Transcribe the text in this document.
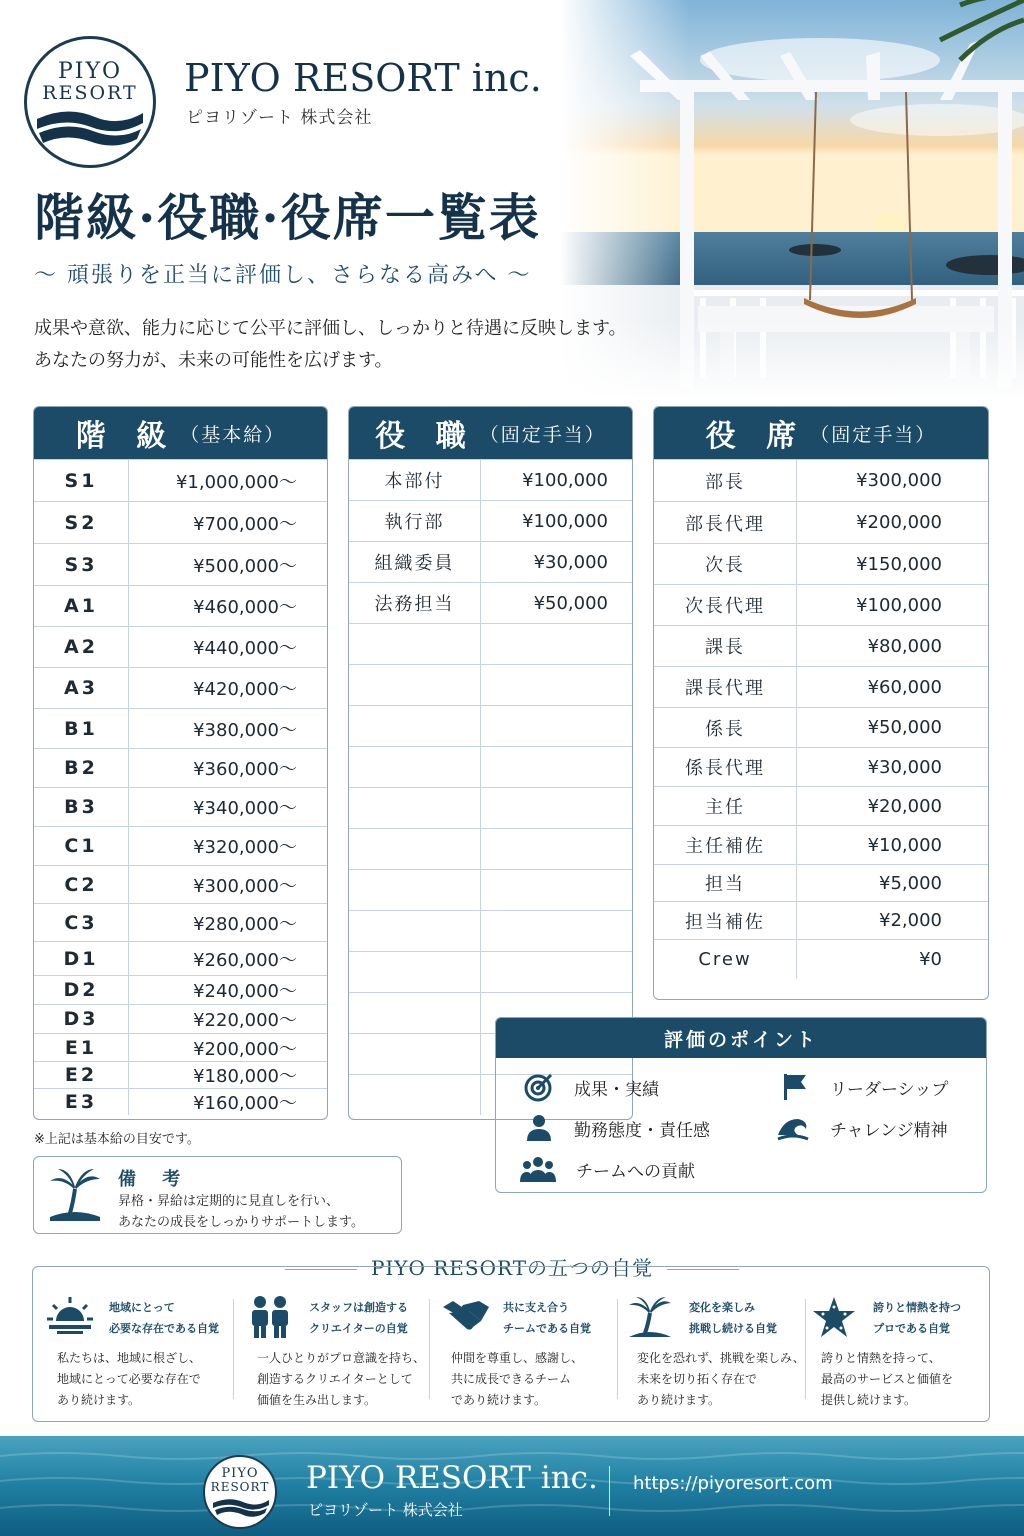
PIYO
RESORT	PIYO RESORT inc.
ピヨリゾート 株式会社
階級·役職·役席一覧表
～ 頑張りを正当に評価し、さらなる高みへ ～
成果や意欲、能力に応じて公平に評価し、しっかりと待遇に反映します。
あなたの努力が、未来の可能性を広げます。
階 級 （基本給）
S1	¥1,000,000～
S2	¥700,000～
S3	¥500,000～
A1	¥460,000～
A2	¥440,000～
A3	¥420,000～
B1	¥380,000～
B2	¥360,000～
B3	¥340,000～
C1	¥320,000～
C2	¥300,000～
C3	¥280,000～
D1	¥260,000～
D2	¥240,000～
D3	¥220,000～
E1	¥200,000～
E2	¥180,000～
E3	¥160,000～
役 職 （固定手当）
本部付	¥100,000
執行部	¥100,000
組織委員	¥30,000
法務担当	¥50,000
役 席 （固定手当）
部長	¥300,000
部長代理	¥200,000
次長	¥150,000
次長代理	¥100,000
課長	¥80,000
課長代理	¥60,000
係長	¥50,000
係長代理	¥30,000
主任	¥20,000
主任補佐	¥10,000
担当	¥5,000
担当補佐	¥2,000
Crew	¥0
※上記は基本給の目安です。
備 考
昇格・昇給は定期的に見直しを行い、
あなたの成長をしっかりサポートします。
評価のポイント
成果・実績	リーダーシップ
勤務態度・責任感	チャレンジ精神
チームへの貢献
PIYO RESORTの五つの自覚
地域にとって
必要な存在である自覚
私たちは、地域に根ざし、
地域にとって必要な存在で
あり続けます。
スタッフは創造する
クリエイターの自覚
一人ひとりがプロ意識を持ち、
創造するクリエイターとして
価値を生み出します。
共に支え合う
チームである自覚
仲間を尊重し、感謝し、
共に成長できるチーム
であり続けます。
変化を楽しみ
挑戦し続ける自覚
変化を恐れず、挑戦を楽しみ、
未来を切り拓く存在で
あり続けます。
誇りと情熱を持つ
プロである自覚
誇りと情熱を持って、
最高のサービスと価値を
提供し続けます。
PIYO
RESORT PIYO RESORT inc.
ピヨリゾート 株式会社
https://piyoresort.com
